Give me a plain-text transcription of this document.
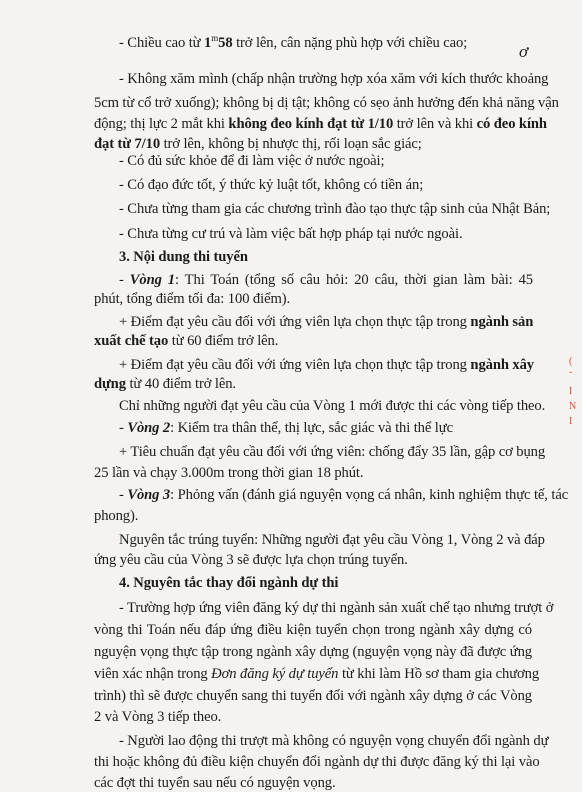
ơ
- Chiều cao từ 1$^m$58 trở lên, cân nặng phù hợp với chiều cao;
- Không xăm mình (chấp nhận trường hợp xóa xăm với kích thước khoảng
5cm từ cổ trở xuống); không bị dị tật; không có sẹo ảnh hưởng đến khả năng vận
động; thị lực 2 mắt khi không đeo kính đạt từ 1/10 trở lên và khi có đeo kính
đạt từ 7/10 trở lên, không bị nhược thị, rối loạn sắc giác;
- Có đủ sức khỏe để đi làm việc ở nước ngoài;
- Có đạo đức tốt, ý thức kỷ luật tốt, không có tiền án;
- Chưa từng tham gia các chương trình đào tạo thực tập sinh của Nhật Bản;
- Chưa từng cư trú và làm việc bất hợp pháp tại nước ngoài.
3. Nội dung thi tuyển
- Vòng 1: Thi Toán (tổng số câu hỏi: 20 câu, thời gian làm bài: 45
phút, tổng điểm tối đa: 100 điểm).
+ Điểm đạt yêu cầu đối với ứng viên lựa chọn thực tập trong ngành sản
xuất chế tạo từ 60 điểm trở lên.
+ Điểm đạt yêu cầu đối với ứng viên lựa chọn thực tập trong ngành xây
dựng từ 40 điểm trở lên.
Chỉ những người đạt yêu cầu của Vòng 1 mới được thi các vòng tiếp theo.
- Vòng 2: Kiểm tra thân thể, thị lực, sắc giác và thi thể lực
+ Tiêu chuẩn đạt yêu cầu đối với ứng viên: chống đẩy 35 lần, gập cơ bụng
25 lần và chạy 3.000m trong thời gian 18 phút.
- Vòng 3: Phỏng vấn (đánh giá nguyện vọng cá nhân, kinh nghiệm thực tế, tác
phong).
Nguyên tắc trúng tuyển: Những người đạt yêu cầu Vòng 1, Vòng 2 và đáp
ứng yêu cầu của Vòng 3 sẽ được lựa chọn trúng tuyển.
4. Nguyên tắc thay đổi ngành dự thi
- Trường hợp ứng viên đăng ký dự thi ngành sản xuất chế tạo nhưng trượt ở
vòng thi Toán nếu đáp ứng điều kiện tuyển chọn trong ngành xây dựng có
nguyện vọng thực tập trong ngành xây dựng (nguyện vọng này đã được ứng
viên xác nhận trong Đơn đăng ký dự tuyển từ khi làm Hồ sơ tham gia chương
trình) thì sẽ được chuyển sang thi tuyển đối với ngành xây dựng ở các Vòng
2 và Vòng 3 tiếp theo.
- Người lao động thi trượt mà không có nguyện vọng chuyển đổi ngành dự
thi hoặc không đủ điều kiện chuyển đổi ngành dự thi được đăng ký thi lại vào
các đợt thi tuyển sau nếu có nguyện vọng.
(
ˇ
I
N
I
